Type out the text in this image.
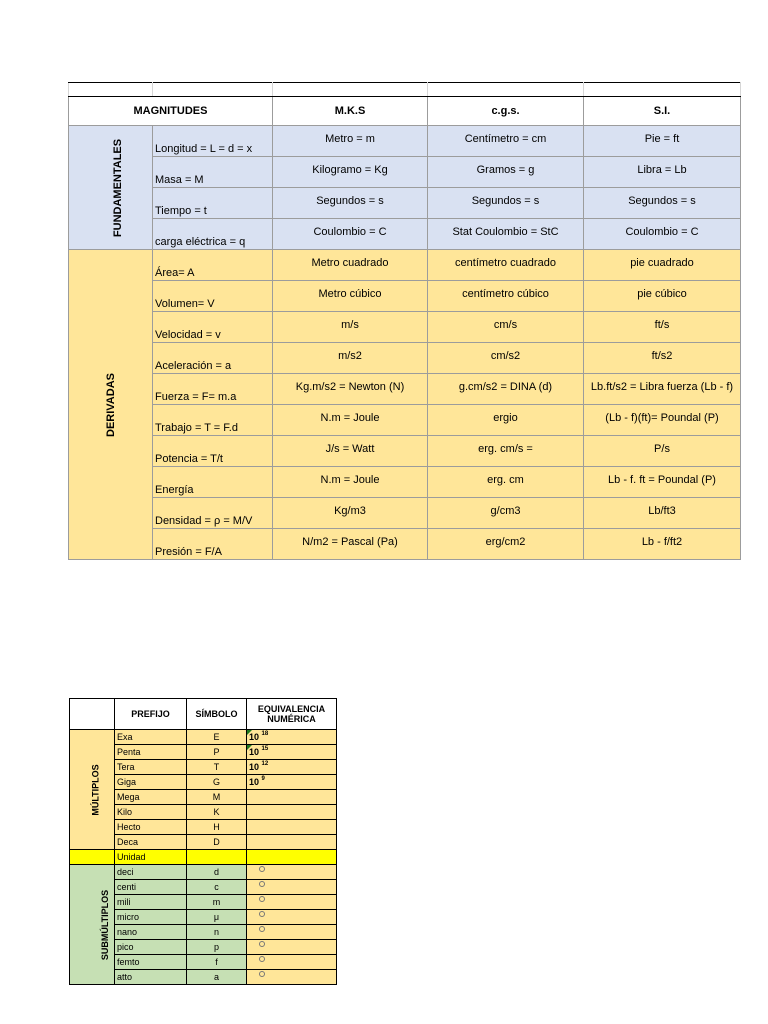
MAGNITUDES		M.K.S	c.g.s.	S.I.
FUNDAMENTALES	Longitud = L = d = x	Metro = m	Centímetro = cm	Pie = ft
	Masa = M	Kilogramo = Kg	Gramos = g	Libra = Lb
	Tiempo = t	Segundos = s	Segundos = s	Segundos = s
	carga eléctrica = q	Coulombio = C	Stat Coulombio = StC	Coulombio = C
DERIVADAS	Área= A	Metro cuadrado	centímetro cuadrado	pie cuadrado
	Volumen= V	Metro cúbico	centímetro cúbico	pie cúbico
	Velocidad = v	m/s	cm/s	ft/s
	Aceleración = a	m/s2	cm/s2	ft/s2
	Fuerza = F= m.a	Kg.m/s2 = Newton (N)	g.cm/s2 = DINA (d)	Lb.ft/s2 = Libra fuerza (Lb - f)
	Trabajo = T = F.d	N.m = Joule	ergio	(Lb - f)(ft)= Poundal (P)
	Potencia = T/t	J/s = Watt	erg. cm/s =	P/s
	Energía	N.m = Joule	erg. cm	Lb - f. ft = Poundal (P)
	Densidad = ρ = M/V	Kg/m3	g/cm3	Lb/ft3
	Presión = F/A	N/m2 = Pascal (Pa)	erg/cm2	Lb - f/ft2
	PREFIJO	SÍMBOLO	EQUIVALENCIA NUMÉRICA
MÚLTIPLOS	Exa	E	10 $^{18}$
	Penta	P	10 $^{15}$
	Tera	T	10 $^{12}$
	Giga	G	10 $^9$
	Mega	M	
	Kilo	K	
	Hecto	H	
	Deca	D	
	Unidad		
SUBMÚLTIPLOS	deci	d	
	centi	c	
	mili	m	
	micro	μ	
	nano	n	
	pico	p	
	femto	f	
	atto	a	
